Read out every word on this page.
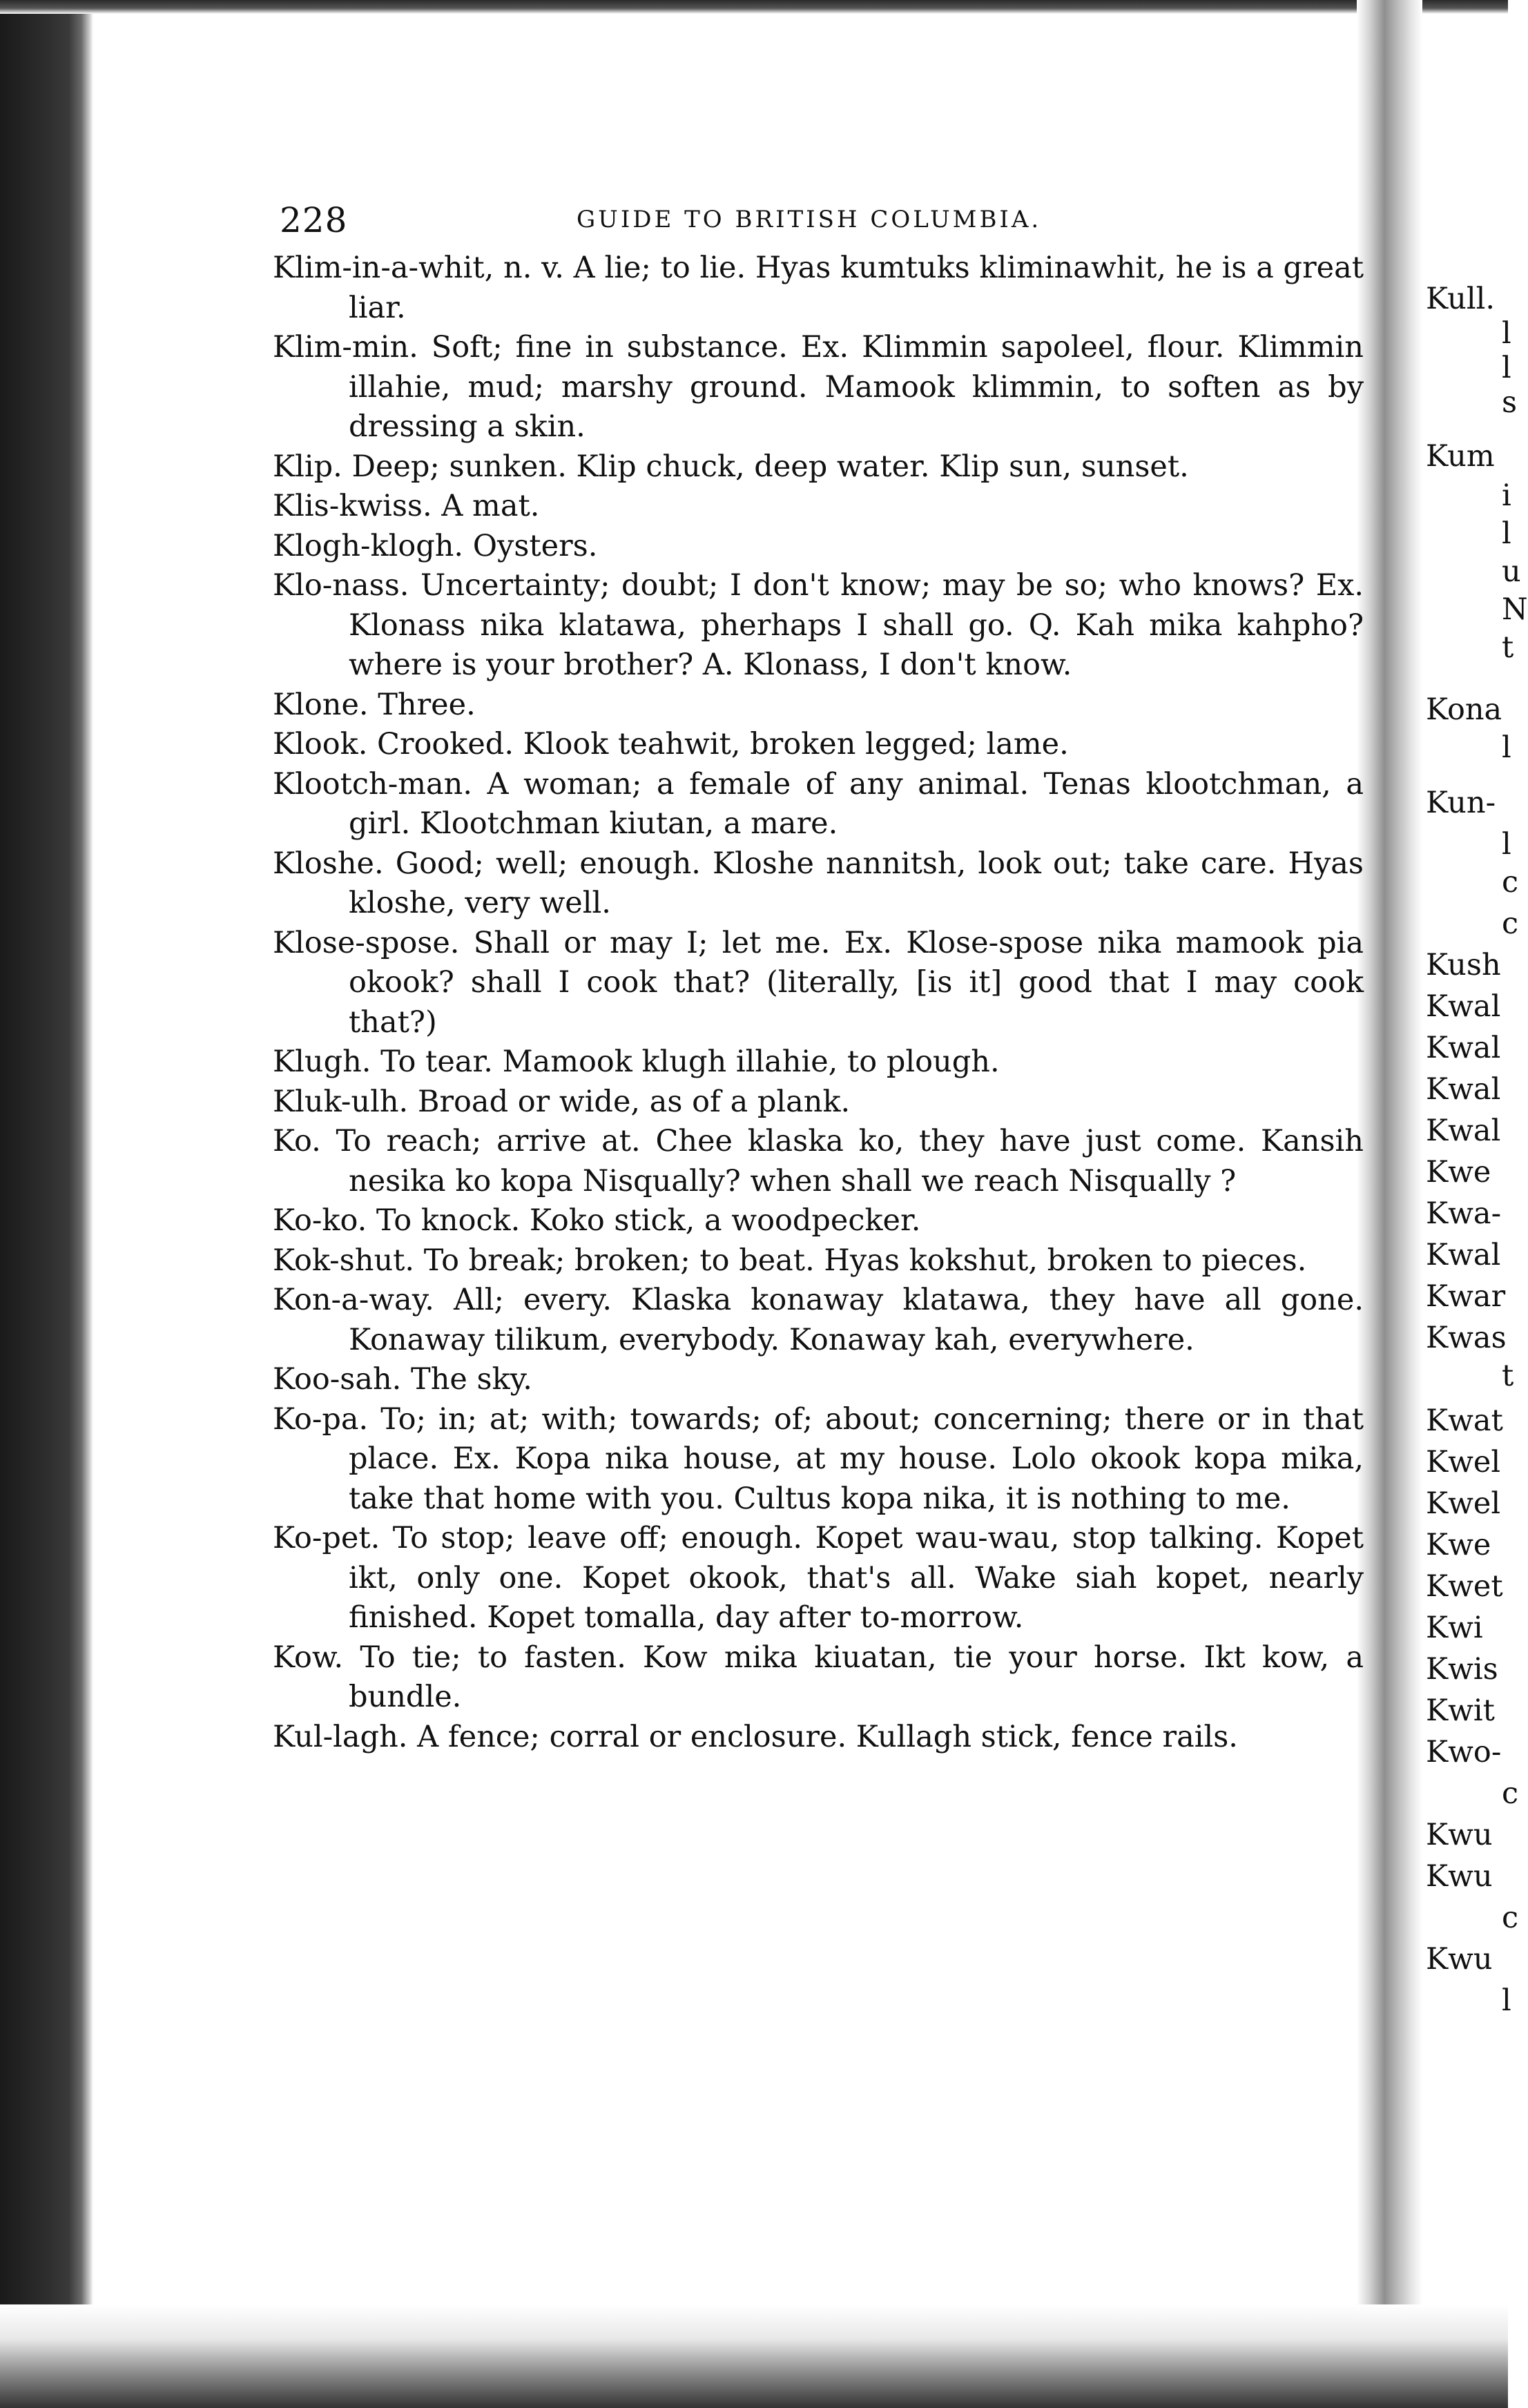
228	GUIDE TO BRITISH COLUMBIA.
Klim-in-a-whit, n. v. A lie; to lie. Hyas kumtuks kliminawhit, he is a great liar.
Klim-min. Soft; fine in substance. Ex. Klimmin sapoleel, flour. Klimmin illahie, mud; marshy ground. Mamook klimmin, to soften as by dressing a skin.
Klip. Deep; sunken. Klip chuck, deep water. Klip sun, sunset.
Klis-kwiss. A mat.
Klogh-klogh. Oysters.
Klo-nass. Uncertainty; doubt; I don't know; may be so; who knows? Ex. Klonass nika klatawa, pherhaps I shall go. Q. Kah mika kahpho? where is your brother? A. Klonass, I don't know.
Klone. Three.
Klook. Crooked. Klook teahwit, broken legged; lame.
Klootch-man. A woman; a female of any animal. Tenas klootchman, a girl. Klootchman kiutan, a mare.
Kloshe. Good; well; enough. Kloshe nannitsh, look out; take care. Hyas kloshe, very well.
Klose-spose. Shall or may I; let me. Ex. Klose-spose nika mamook pia okook? shall I cook that? (literally, [is it] good that I may cook that?)
Klugh. To tear. Mamook klugh illahie, to plough.
Kluk-ulh. Broad or wide, as of a plank.
Ko. To reach; arrive at. Chee klaska ko, they have just come. Kansih nesika ko kopa Nisqually? when shall we reach Nisqually ?
Ko-ko. To knock. Koko stick, a woodpecker.
Kok-shut. To break; broken; to beat. Hyas kokshut, broken to pieces.
Kon-a-way. All; every. Klaska konaway klatawa, they have all gone. Konaway tilikum, everybody. Konaway kah, everywhere.
Koo-sah. The sky.
Ko-pa. To; in; at; with; towards; of; about; concerning; there or in that place. Ex. Kopa nika house, at my house. Lolo okook kopa mika, take that home with you. Cultus kopa nika, it is nothing to me.
Ko-pet. To stop; leave off; enough. Kopet wau-wau, stop talking. Kopet ikt, only one. Kopet okook, that's all. Wake siah kopet, nearly finished. Kopet tomalla, day after to-morrow.
Kow. To tie; to fasten. Kow mika kiuatan, tie your horse. Ikt kow, a bundle.
Kul-lagh. A fence; corral or enclosure. Kullagh stick, fence rails.
Kull.
l
l
s
Kum
i
l
u
N
t
Kona
l
Kun-
l
c
c
Kush
Kwal
Kwal
Kwal
Kwal
Kwe
Kwa-
Kwal
Kwar
Kwas
t
Kwat
Kwel
Kwel
Kwe
Kwet
Kwi
Kwis
Kwit
Kwo-
c
Kwu
Kwu
c
Kwu
l
